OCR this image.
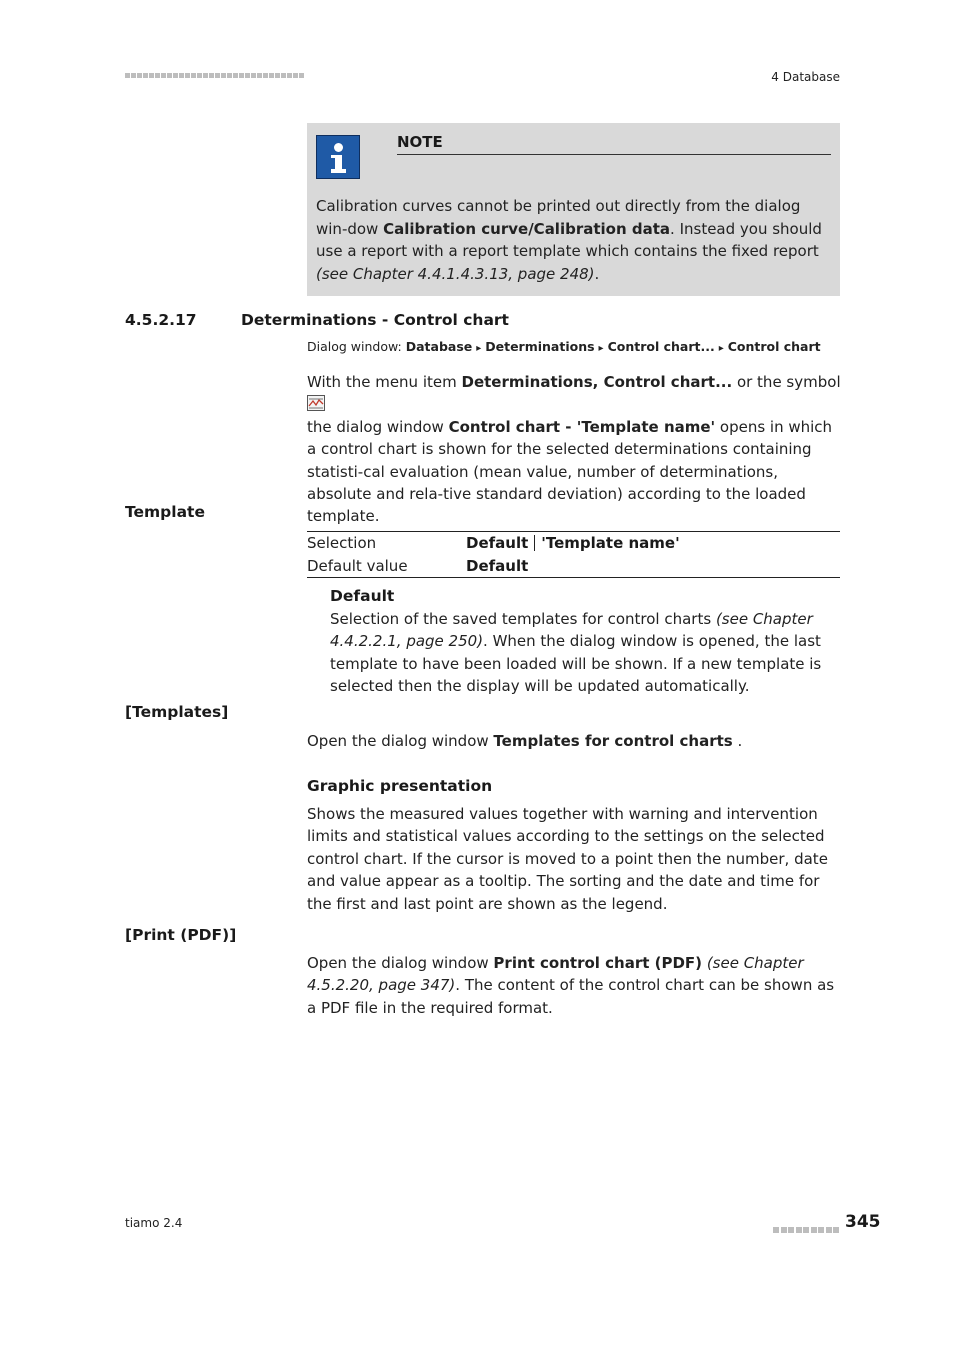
4 Database
NOTE
Calibration curves cannot be printed out directly from the dialog win-dow Calibration curve/Calibration data. Instead you should use a report with a report template which contains the fixed report (see Chapter 4.4.1.4.3.13, page 248).
4.5.2.17	Determinations - Control chart
Dialog window: Database ▸ Determinations ▸ Control chart... ▸ Control chart
With the menu item Determinations, Control chart... or the symbol

the dialog window Control chart - 'Template name' opens in which a control chart is shown for the selected determinations containing statisti-cal evaluation (mean value, number of determinations, absolute and rela-tive standard deviation) according to the loaded template.
Template
Selection	Default 'Template name'
Default value	Default
Default
Selection of the saved templates for control charts (see Chapter 4.4.2.2.1, page 250). When the dialog window is opened, the last template to have been loaded will be shown. If a new template is selected then the display will be updated automatically.
[Templates]
Open the dialog window Templates for control charts .
Graphic presentation
Shows the measured values together with warning and intervention limits and statistical values according to the settings on the selected control chart. If the cursor is moved to a point then the number, date and value appear as a tooltip. The sorting and the date and time for the first and last point are shown as the legend.
[Print (PDF)]
Open the dialog window Print control chart (PDF) (see Chapter 4.5.2.20, page 347). The content of the control chart can be shown as a PDF file in the required format.
tiamo 2.4	345
